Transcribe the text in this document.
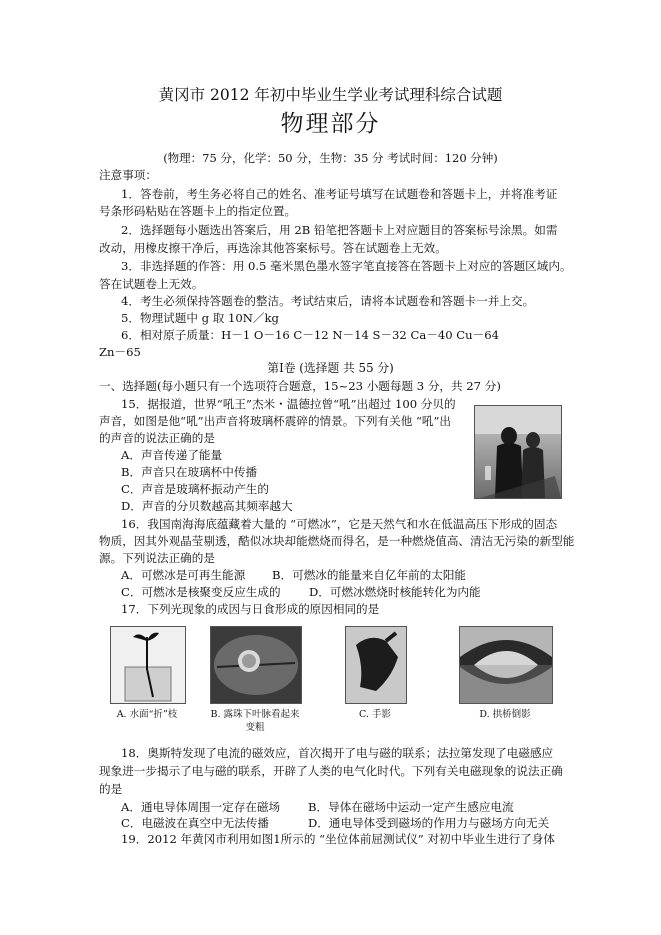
黄冈市 2012 年初中毕业生学业考试理科综合试题
物理部分
(物理：75 分，化学：50 分，生物：35 分 考试时间：120 分钟)
注意事项：
1．答卷前，考生务必将自己的姓名、准考证号填写在试题卷和答题卡上，并将准考证
号条形码粘贴在答题卡上的指定位置。
2．选择题每小题选出答案后，用 2B 铅笔把答题卡上对应题目的答案标号涂黑。如需
改动，用橡皮擦干净后，再选涂其他答案标号。答在试题卷上无效。
3．非选择题的作答：用 0.5 毫米黑色墨水签字笔直接答在答题卡上对应的答题区域内。
答在试题卷上无效。
4．考生必须保持答题卷的整洁。考试结束后，请将本试题卷和答题卡一并上交。
5．物理试题中 g 取 10N／kg
6．相对原子质量：H－1 O－16 C－12 N－14 S－32 Ca－40 Cu－64
Zn－65
第Ⅰ卷 (选择题 共 55 分)
一、选择题(每小题只有一个选项符合题意，15~23 小题每题 3 分，共 27 分)
15．据报道，世界“吼王”杰米・温德拉曾“吼”出超过 100 分贝的
声音，如图是他“吼”出声音将玻璃杯震碎的情景。下列有关他 “吼”出
的声音的说法正确的是
A．声音传递了能量
B．声音只在玻璃杯中传播
C．声音是玻璃杯振动产生的
D．声音的分贝数越高其频率越大
16．我国南海海底蕴藏着大量的 “可燃冰”，它是天然气和水在低温高压下形成的固态
物质，因其外观晶莹剔透，酷似冰块却能燃烧而得名，是一种燃烧值高、清洁无污染的新型能
源。下列说法正确的是
A．可燃冰是可再生能源 B．可燃冰的能量来自亿年前的太阳能
C．可燃冰是核聚变反应生成的 D．可燃冰燃烧时核能转化为内能
17．下列光现象的成因与日食形成的原因相同的是
A. 水面“折”枝	B. 露珠下叶脉看起来
变粗
C. 手影	D. 拱桥倒影
18．奥斯特发现了电流的磁效应，首次揭开了电与磁的联系；法拉第发现了电磁感应
现象进一步揭示了电与磁的联系，开辟了人类的电气化时代。下列有关电磁现象的说法正确
的是
A．通电导体周围一定存在磁场 B．导体在磁场中运动一定产生感应电流
C．电磁波在真空中无法传播	D．通电导体受到磁场的作用力与磁场方向无关
19．2012 年黄冈市利用如图1所示的 “坐位体前屈测试仪” 对初中毕业生进行了身体
